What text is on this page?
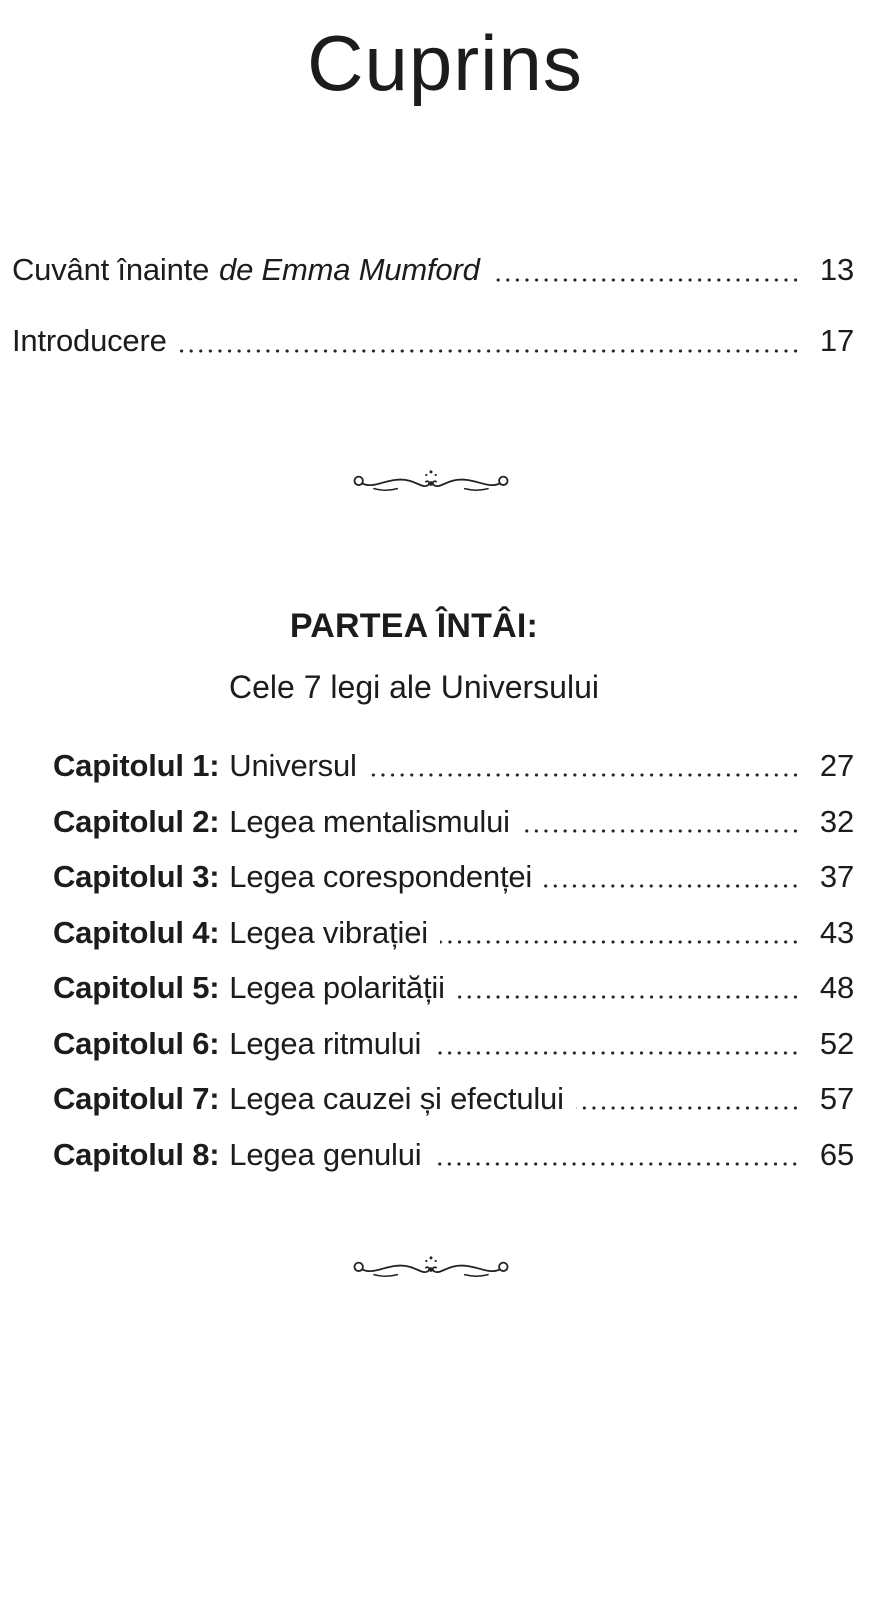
Cuprins
Cuvânt înainte de Emma Mumford	13
Introducere	17
PARTEA ÎNTÂI:
Cele 7 legi ale Universului
Capitolul 1: Universul	27
Capitolul 2: Legea mentalismului	32
Capitolul 3: Legea corespondenței	37
Capitolul 4: Legea vibrației	43
Capitolul 5: Legea polarității	48
Capitolul 6: Legea ritmului	52
Capitolul 7: Legea cauzei și efectului	57
Capitolul 8: Legea genului	65
